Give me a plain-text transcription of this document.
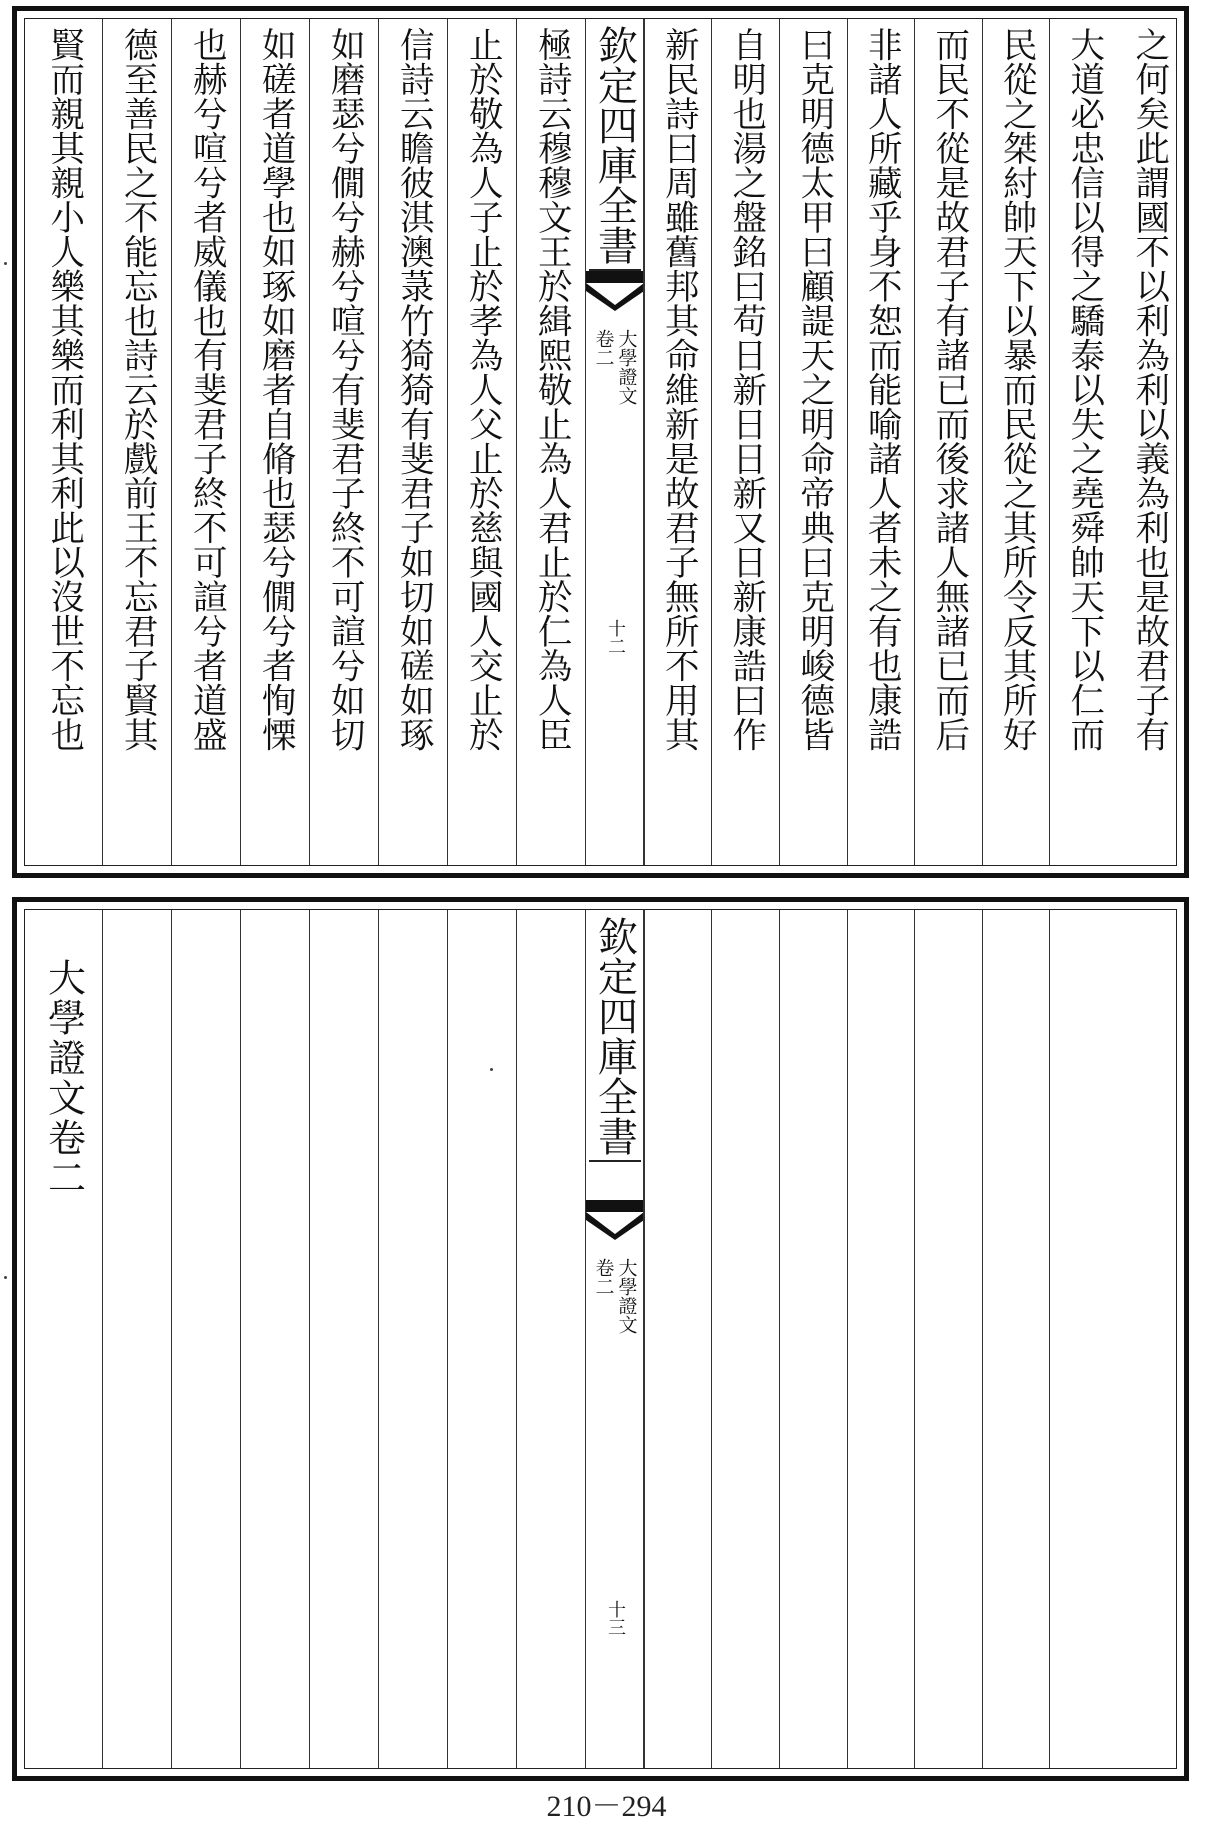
之何矣此謂國不以利為利以義為利也是故君子有
大道必忠信以得之驕泰以失之堯舜帥天下以仁而
民從之桀紂帥天下以暴而民從之其所令反其所好
而民不從是故君子有諸已而後求諸人無諸已而后
非諸人所藏乎身不恕而能喻諸人者未之有也康誥
曰克明德太甲曰顧諟天之明命帝典曰克明峻德皆
自明也湯之盤銘曰苟日新日日新又日新康誥曰作
新民詩曰周雖舊邦其命維新是故君子無所不用其
欽定四庫全書
大學證文
卷二
十二
極詩云穆穆文王於緝熙敬止為人君止於仁為人臣
止於敬為人子止於孝為人父止於慈與國人交止於
信詩云瞻彼淇澳菉竹猗猗有斐君子如切如磋如琢
如磨瑟兮僩兮赫兮喧兮有斐君子終不可諠兮如切
如磋者道學也如琢如磨者自脩也瑟兮僩兮者恂慄
也赫兮喧兮者威儀也有斐君子終不可諠兮者道盛
德至善民之不能忘也詩云於戲前王不忘君子賢其
賢而親其親小人樂其樂而利其利此以沒世不忘也
欽定四庫全書
大學證文
卷二
十三
大學證文卷二
210－294
